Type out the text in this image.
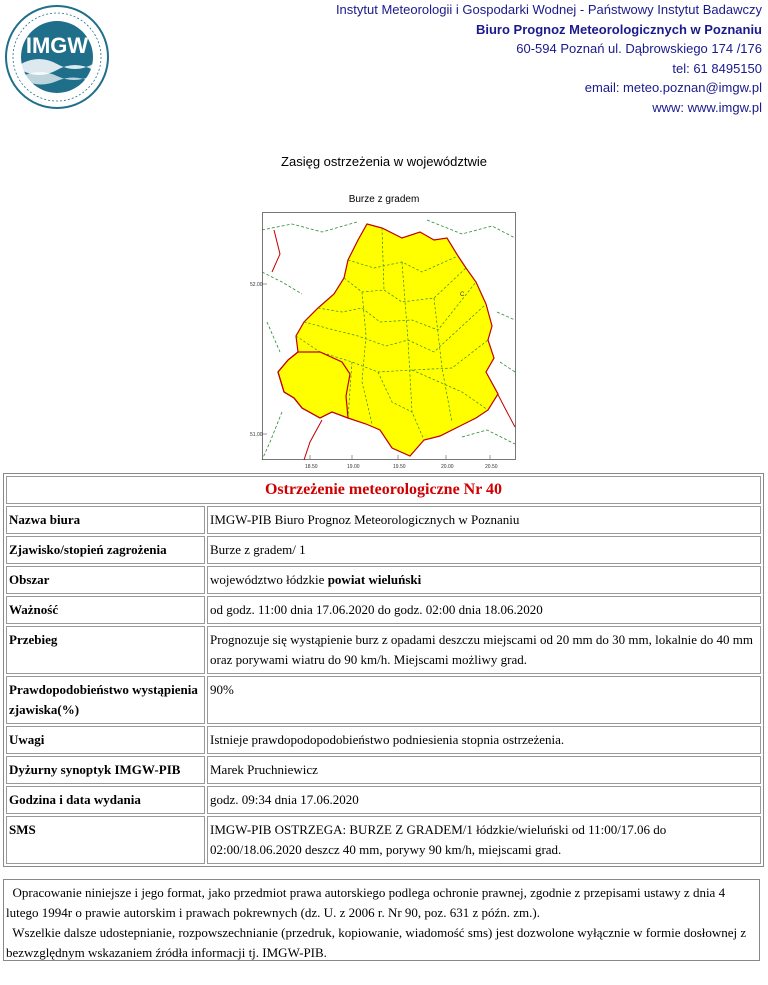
IMGW
Instytut Meteorologii i Gospodarki Wodnej - Państwowy Instytut Badawczy
Biuro Prognoz Meteorologicznych w Poznaniu
60-594 Poznań ul. Dąbrowskiego 174 /176
tel: 61 8495150
email: meteo.poznan@imgw.pl
www: www.imgw.pl
Zasięg ostrzeżenia w województwie
Burze z gradem
C
52.00
51.00
18.50	19.00	19.50	20.00	20.50
Ostrzeżenie meteorologiczne Nr 40	
Nazwa biura	IMGW-PIB Biuro Prognoz Meteorologicznych w Poznaniu
Zjawisko/stopień zagrożenia	Burze z gradem/ 1
Obszar	województwo łódzkie powiat wieluński
Ważność	od godz. 11:00 dnia 17.06.2020 do godz. 02:00 dnia 18.06.2020
Przebieg	Prognozuje się wystąpienie burz z opadami deszczu miejscami od 20 mm do 30 mm, lokalnie do 40 mm oraz porywami wiatru do 90 km/h. Miejscami możliwy grad.
Prawdopodobieństwo wystąpienia zjawiska(%)	90%
Uwagi	Istnieje prawdopodopodobieństwo podniesienia stopnia ostrzeżenia.
Dyżurny synoptyk IMGW-PIB	Marek Pruchniewicz
Godzina i data wydania	godz. 09:34 dnia 17.06.2020
SMS	IMGW-PIB OSTRZEGA: BURZE Z GRADEM/1 łódzkie/wieluński od 11:00/17.06 do 02:00/18.06.2020 deszcz 40 mm, porywy 90 km/h, miejscami grad.

Opracowanie niniejsze i jego format, jako przedmiot prawa autorskiego podlega ochronie prawnej, zgodnie z przepisami ustawy z dnia 4 lutego 1994r o prawie autorskim i prawach pokrewnych (dz. U. z 2006 r. Nr 90, poz. 631 z późn. zm.).

Wszelkie dalsze udostepnianie, rozpowszechnianie (przedruk, kopiowanie, wiadomość sms) jest dozwolone wyłącznie w formie dosłownej z bezwzględnym wskazaniem źródła informacji tj. IMGW-PIB.
